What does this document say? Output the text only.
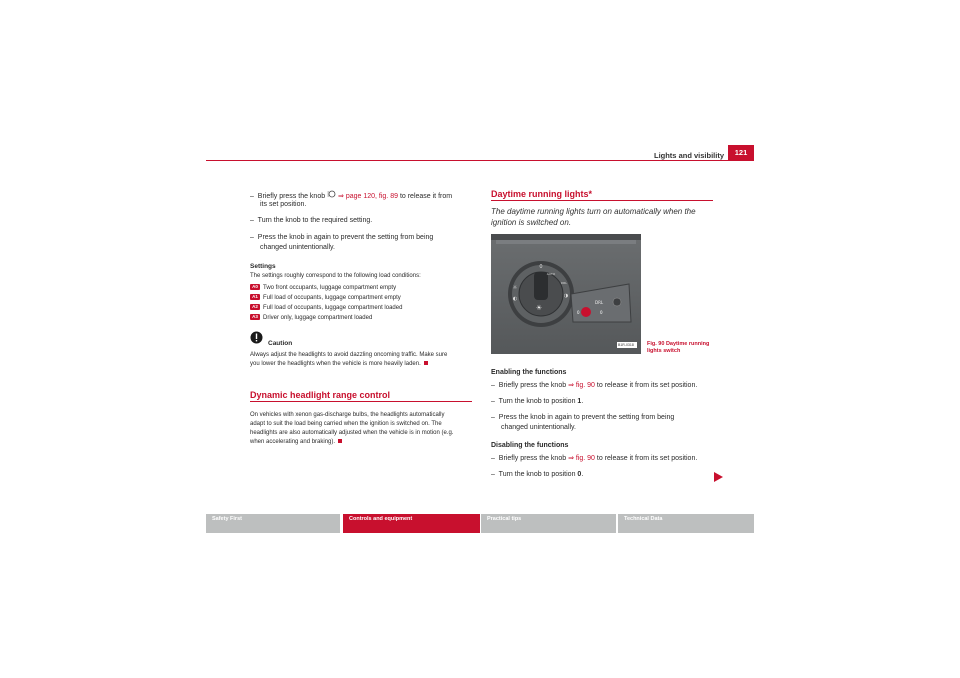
Lights and visibility	121
– Briefly press the knob ⇒ page 120, fig. 89 to release it from
its set position.
– Turn the knob to the required setting.
– Press the knob in again to prevent the setting from being
changed unintentionally.
Settings
The settings roughly correspond to the following load conditions:
A0 Two front occupants, luggage compartment empty
A1 Full load of occupants, luggage compartment empty
A2 Full load of occupants, luggage compartment loaded
A3 Driver only, luggage compartment loaded
Caution
Always adjust the headlights to avoid dazzling oncoming traffic. Make sure
you lower the headlights when the vehicle is more heavily laden.
Dynamic headlight range control
On vehicles with xenon gas-discharge bulbs, the headlights automatically
adapt to suit the load being carried when the ignition is switched on. The
headlights are also automatically adjusted when the vehicle is in motion (e.g.
when accelerating and braking).
Daytime running lights*
The daytime running lights turn on automatically when the
ignition is switched on.
0
AUTO
DRL
☼
◐	◑
☀
DRL
0	0
B1R-0318 Fig. 90 Daytime running
lights switch
Enabling the functions
– Briefly press the knob ⇒ fig. 90 to release it from its set position.
– Turn the knob to position 1.
– Press the knob in again to prevent the setting from being
changed unintentionally.
Disabling the functions
– Briefly press the knob ⇒ fig. 90 to release it from its set position.
– Turn the knob to position 0.
Safety First	Controls and equipment	Practical tips	Technical Data
